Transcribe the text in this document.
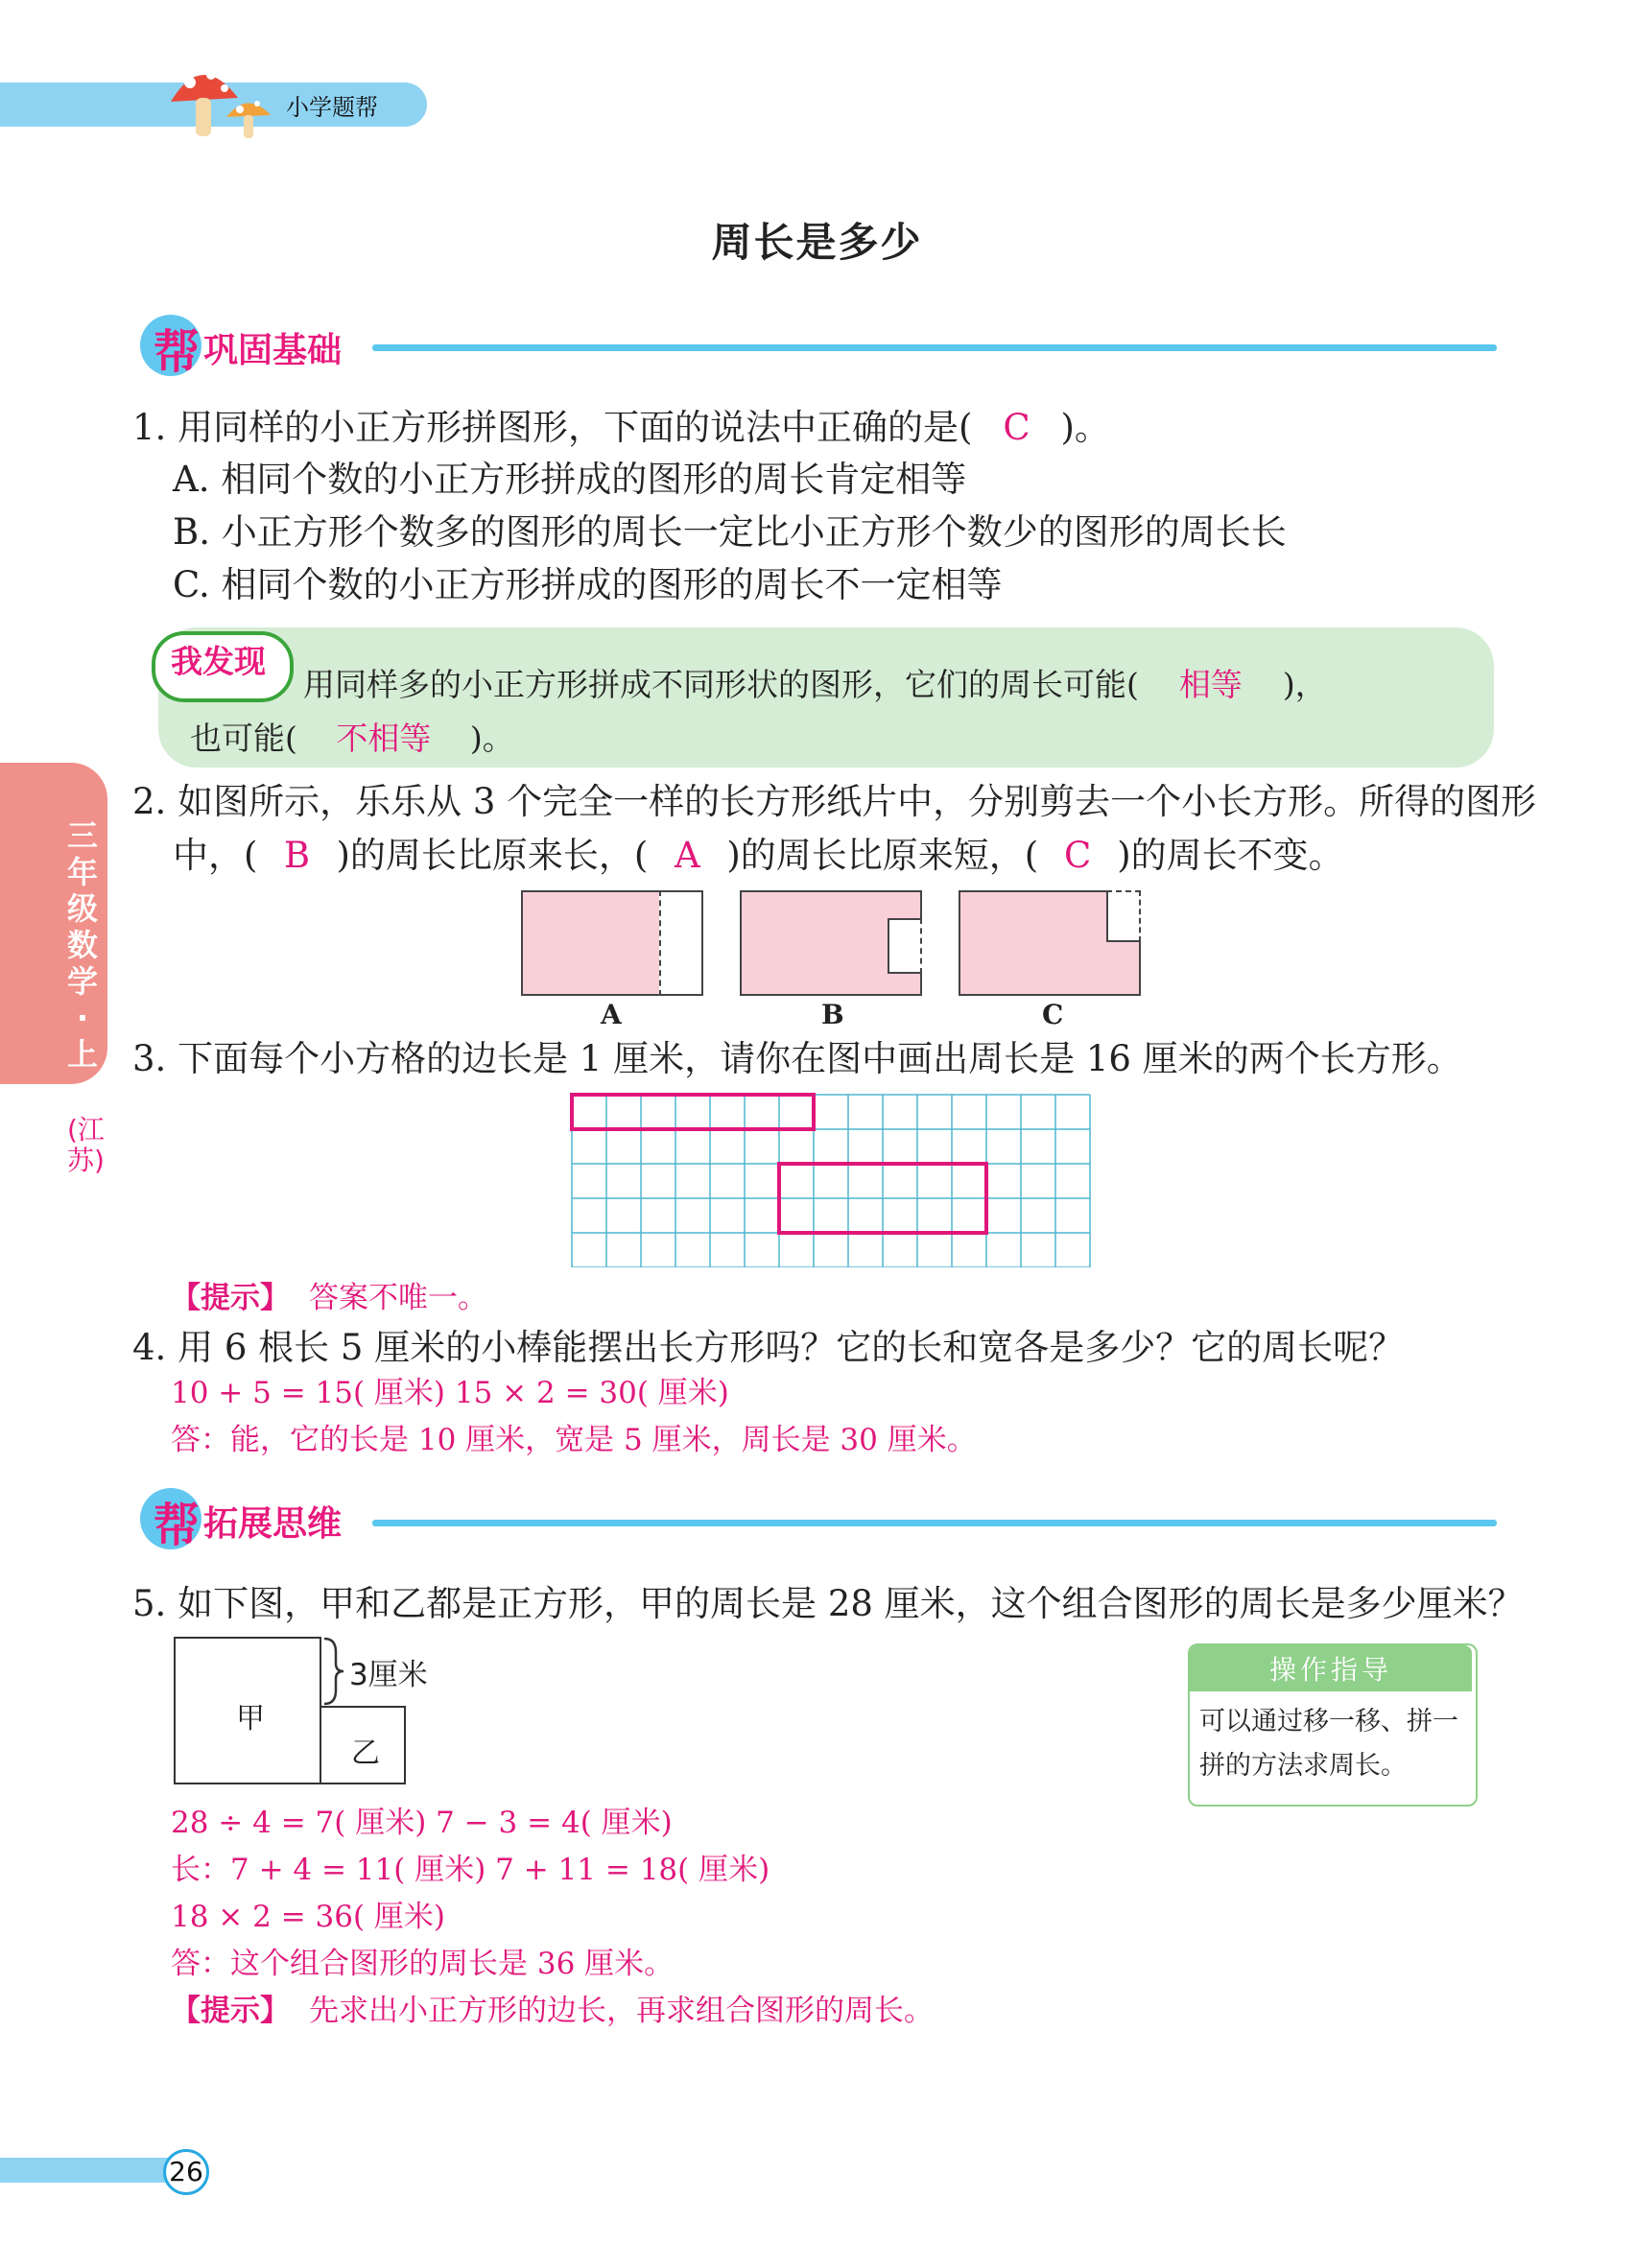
小学题帮
周长是多少
帮 巩固基础
三年级数学·上
(江苏)
1. 用同样的小正方形拼图形，下面的说法中正确的是( C )。
A. 相同个数的小正方形拼成的图形的周长肯定相等
B. 小正方形个数多的图形的周长一定比小正方形个数少的图形的周长长
C. 相同个数的小正方形拼成的图形的周长不一定相等
我发现
用同样多的小正方形拼成不同形状的图形，它们的周长可能( 相等 )，
也可能( 不相等 )。
2. 如图所示，乐乐从 3 个完全一样的长方形纸片中，分别剪去一个小长方形。所得的图形
中，( B )的周长比原来长，( A )的周长比原来短，( C )的周长不变。
A	B	C
3. 下面每个小方格的边长是 1 厘米，请你在图中画出周长是 16 厘米的两个长方形。
【提示】 答案不唯一。
4. 用 6 根长 5 厘米的小棒能摆出长方形吗？它的长和宽各是多少？它的周长呢？
10 + 5 = 15( 厘米) 15 × 2 = 30( 厘米)
答：能，它的长是 10 厘米，宽是 5 厘米，周长是 30 厘米。
帮 拓展思维
5. 如下图，甲和乙都是正方形，甲的周长是 28 厘米，这个组合图形的周长是多少厘米？
甲
乙
3厘米	操作指导
可以通过移一移、拼一拼的方法求周长。
28 ÷ 4 = 7( 厘米) 7 − 3 = 4( 厘米)
长：7 + 4 = 11( 厘米) 7 + 11 = 18( 厘米)
18 × 2 = 36( 厘米)
答：这个组合图形的周长是 36 厘米。
【提示】 先求出小正方形的边长，再求组合图形的周长。
26
